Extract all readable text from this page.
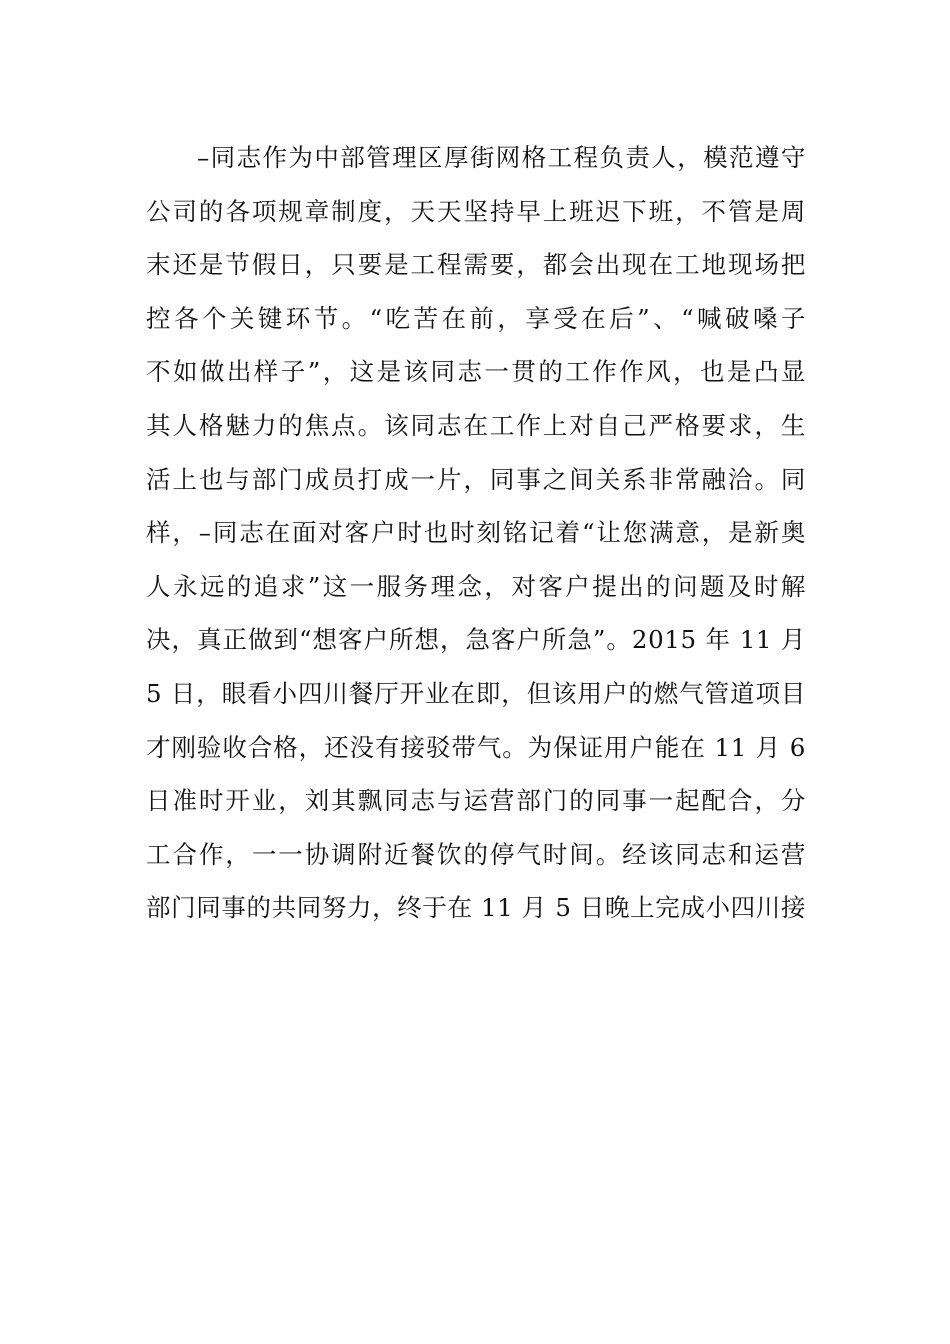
–同志作为中部管理区厚街网格工程负责人，模范遵守
公司的各项规章制度，天天坚持早上班迟下班，不管是周
末还是节假日，只要是工程需要，都会出现在工地现场把
控各个关键环节。“吃苦在前，享受在后”、“喊破嗓子
不如做出样子”，这是该同志一贯的工作作风，也是凸显
其人格魅力的焦点。该同志在工作上对自己严格要求，生
活上也与部门成员打成一片，同事之间关系非常融洽。同
样，–同志在面对客户时也时刻铭记着“让您满意，是新奥
人永远的追求”这一服务理念，对客户提出的问题及时解
决，真正做到“想客户所想，急客户所急”。2015 年 11 月
5 日，眼看小四川餐厅开业在即，但该用户的燃气管道项目
才刚验收合格，还没有接驳带气。为保证用户能在 11 月 6
日准时开业，刘其飘同志与运营部门的同事一起配合，分
工合作，一一协调附近餐饮的停气时间。经该同志和运营
部门同事的共同努力，终于在 11 月 5 日晚上完成小四川接
